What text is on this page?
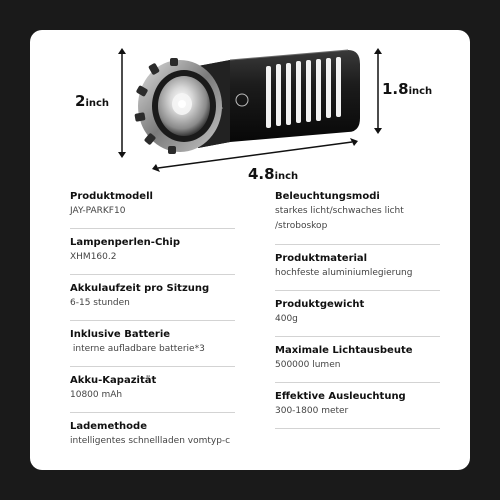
2inch
1.8inch
4.8inch
Produktmodell
JAY-PARKF10
Lampenperlen-Chip
XHM160.2
Akkulaufzeit pro Sitzung
6-15 stunden
Inklusive Batterie
interne aufladbare batterie*3
Akku-Kapazität
10800 mAh
Lademethode
intelligentes schnellladen vomtyp-c
Beleuchtungsmodi
starkes licht/schwaches licht
/stroboskop
Produktmaterial
hochfeste aluminiumlegierung
Produktgewicht
400g
Maximale Lichtausbeute
500000 lumen
Effektive Ausleuchtung
300-1800 meter
